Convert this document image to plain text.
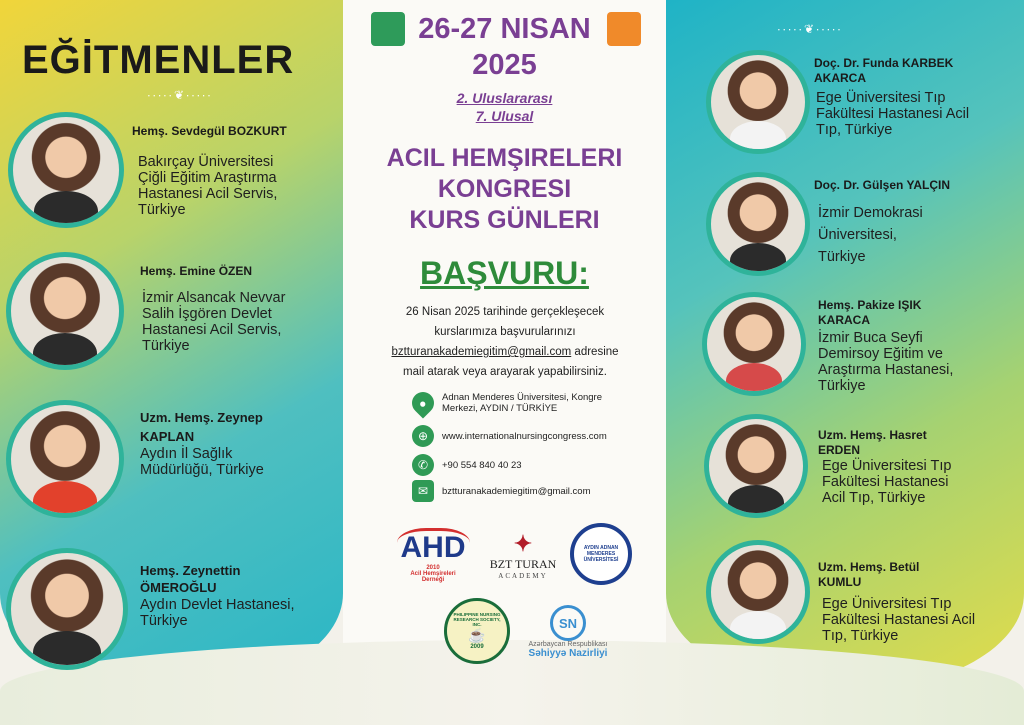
EĞİTMENLER
∙∙∙∙∙❦∙∙∙∙∙
∙∙∙∙∙❦∙∙∙∙∙
Hemş. Sevdegül BOZKURT
Bakırçay Üniversitesi
Çiğli Eğitim Araştırma
Hastanesi Acil Servis,
Türkiye
Hemş. Emine ÖZEN
İzmir Alsancak Nevvar
Salih İşgören Devlet
Hastanesi Acil Servis,
Türkiye
Uzm. Hemş. Zeynep
KAPLAN
Aydın İl Sağlık
Müdürlüğü, Türkiye
Hemş. Zeynettin
ÖMEROĞLU
Aydın Devlet Hastanesi,
Türkiye
26-27 NISAN
2025
2. Uluslararası
7. Ulusal
ACIL HEMŞIRELERI
KONGRESI
KURS GÜNLERI
BAŞVURU:
26 Nisan 2025 tarihinde gerçekleşecek
kurslarımıza başvurularınızı
bztturanakademiegitim@gmail.com adresine
mail atarak veya arayarak yapabilirsiniz.
● Adnan Menderes Üniversitesi, Kongre
Merkezi, AYDIN / TÜRKİYE
⊕	www.internationalnursingcongress.com
✆	+90 554 840 40 23
✉	bztturanakademiegitim@gmail.com
AHD
2010
Acil Hemşireleri
Derneği
✦
BZT TURAN
ACADEMY
AYDIN ADNAN MENDERES ÜNİVERSİTESİ
PHILIPPINE NURSING RESEARCH SOCIETY, INC.
☕
2009
SN
Azərbaycan Respublikası
Səhiyyə Nazirliyi
Doç. Dr. Funda KARBEK
AKARCA
Ege Üniversitesi Tıp
Fakültesi Hastanesi Acil
Tıp, Türkiye
Doç. Dr. Gülşen YALÇIN
İzmir Demokrasi
Üniversitesi,
Türkiye
Hemş. Pakize IŞIK
KARACA
İzmir Buca Seyfi
Demirsoy Eğitim ve
Araştırma Hastanesi,
Türkiye
Uzm. Hemş. Hasret
ERDEN
Ege Üniversitesi Tıp
Fakültesi Hastanesi
Acil Tıp, Türkiye
Uzm. Hemş. Betül
KUMLU
Ege Üniversitesi Tıp
Fakültesi Hastanesi Acil
Tıp, Türkiye
